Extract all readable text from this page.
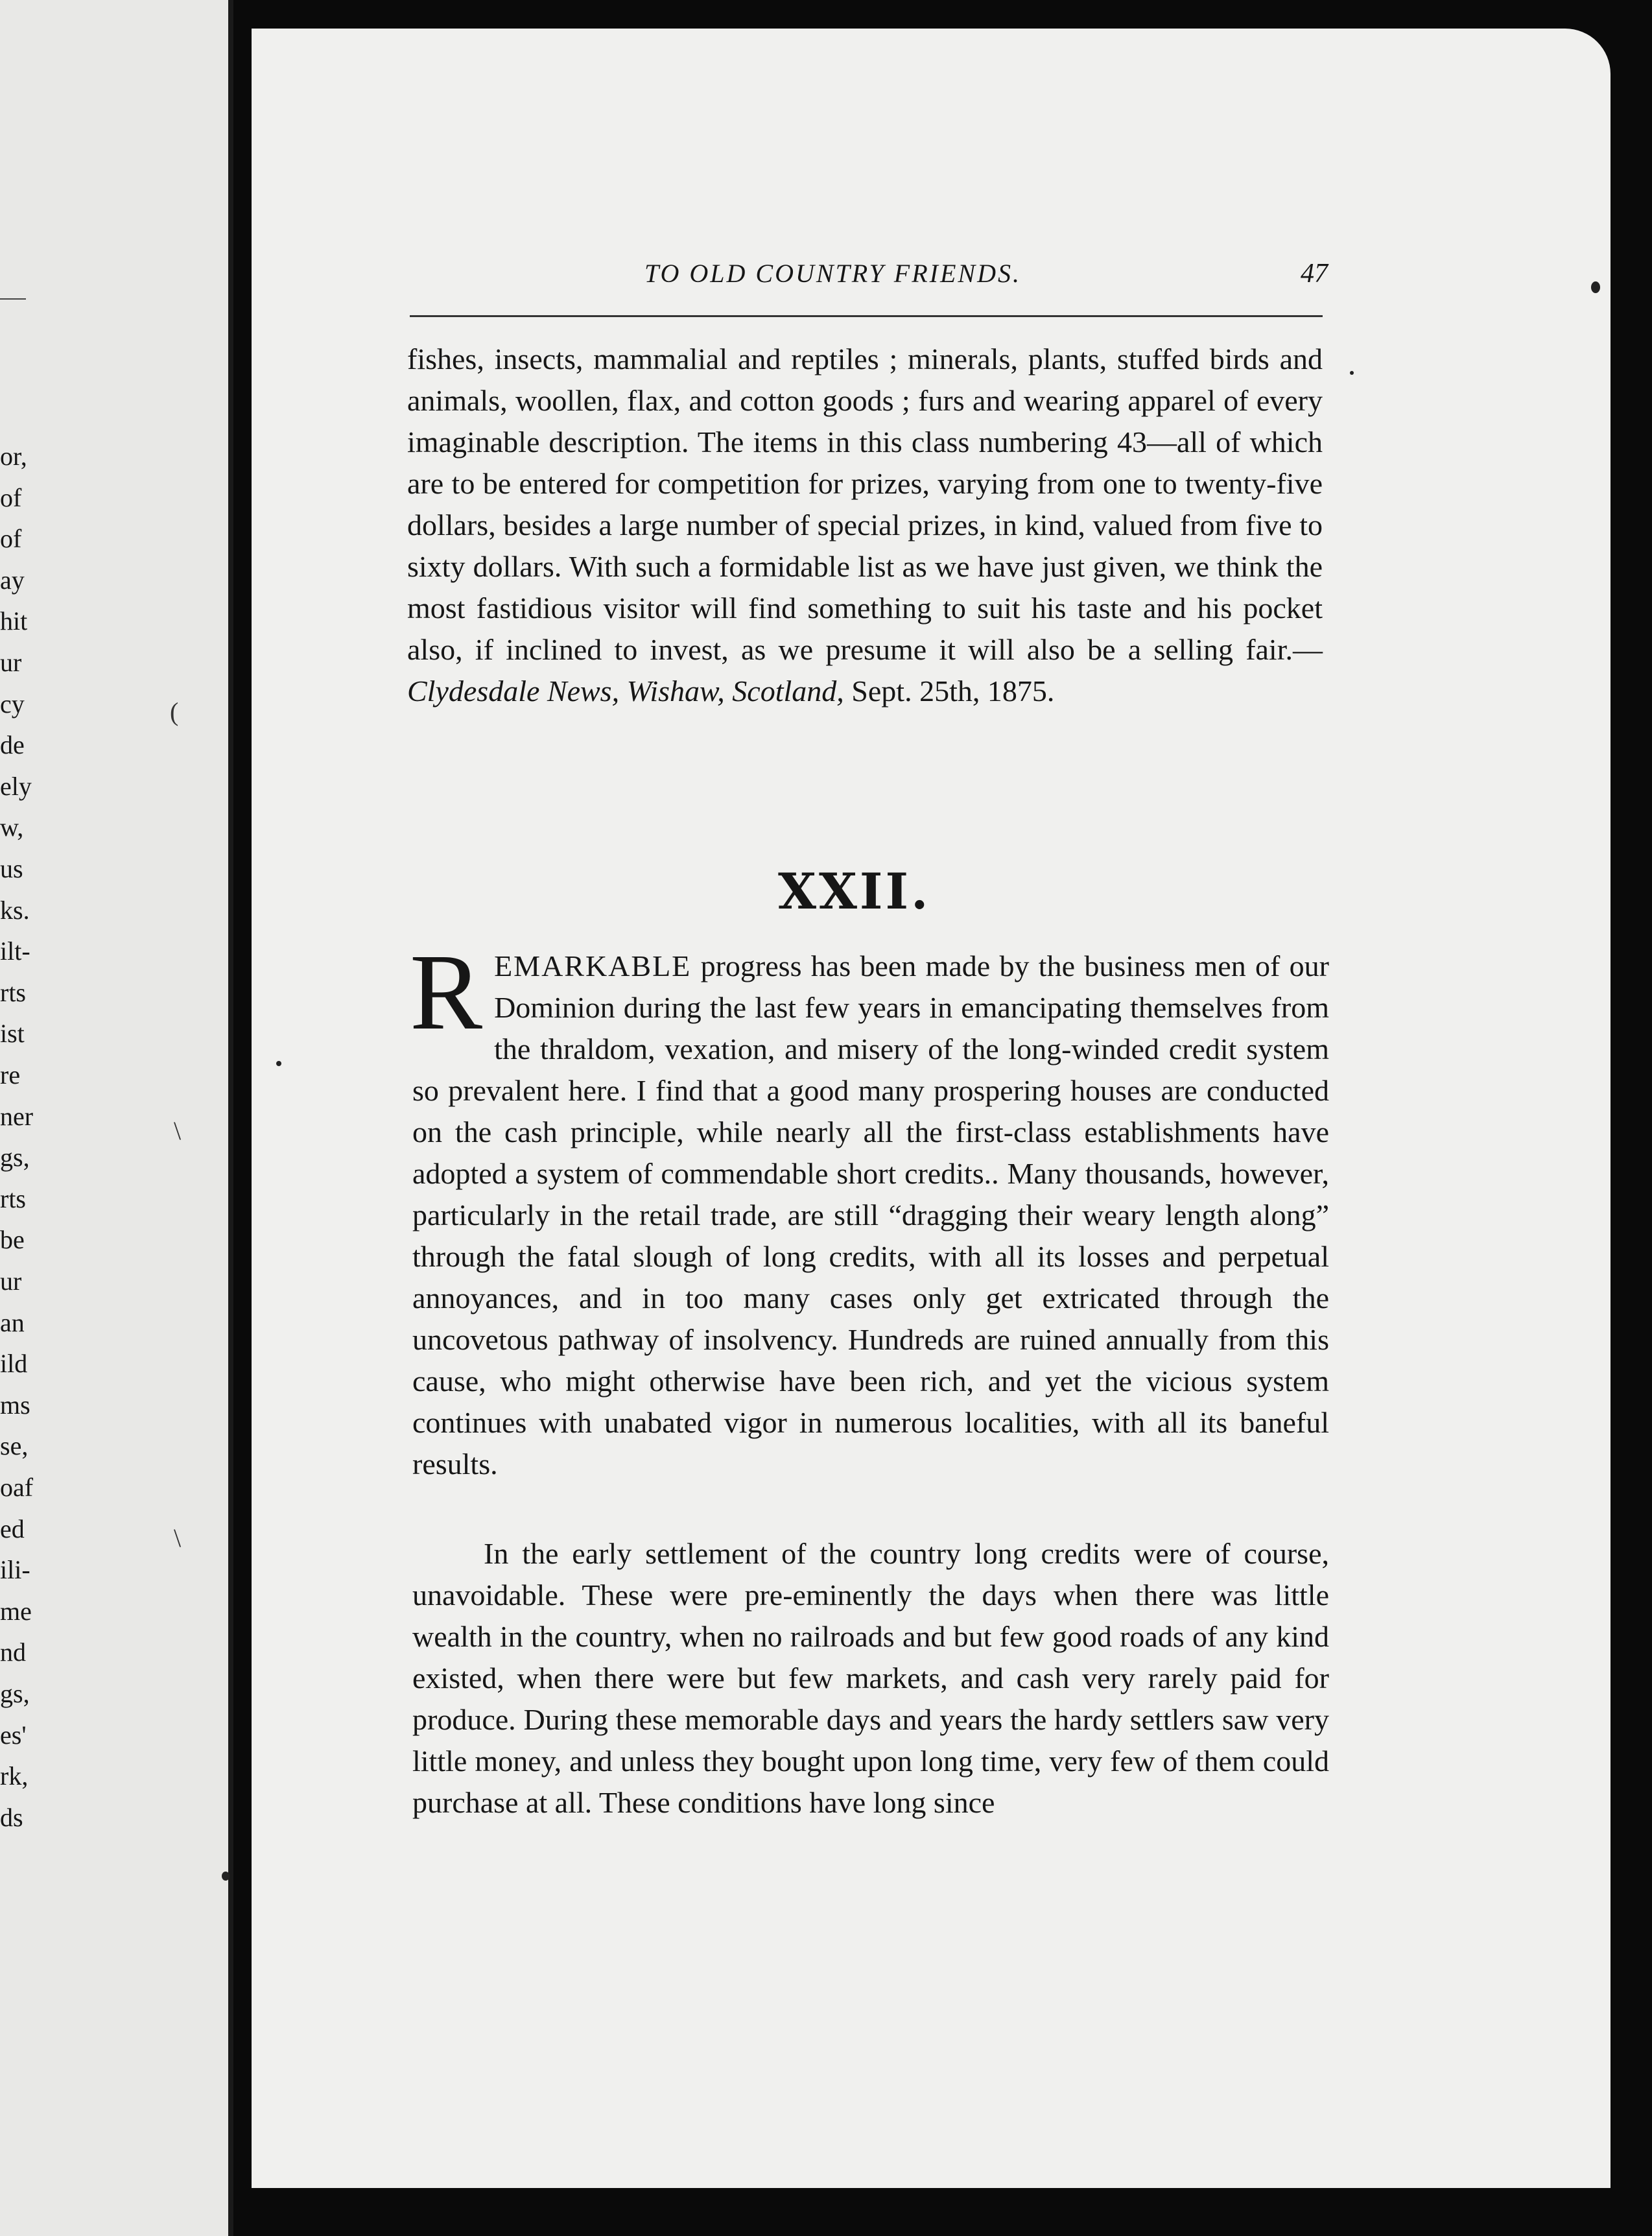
or,
of
of
ay
hit
ur
cy
de
ely
w,
us
ks.
ilt-
rts
ist
re
ner
gs,
rts
be
ur
an
ild
ms
se,
oaf
ed
ili-
me
nd
gs,
es'
rk,
ds
(
\
\
TO OLD COUNTRY FRIENDS.	47

fishes, insects, mammalial and reptiles ; minerals, plants, stuffed birds and animals, woollen, flax, and cotton goods ; furs and wearing apparel of every imaginable description. The items in this class numbering 43—all of which are to be entered for competition for prizes, varying from one to twenty-five dollars, besides a large number of special prizes, in kind, valued from five to sixty dollars. With such a formidable list as we have just given, we think the most fastidious visitor will find something to suit his taste and his pocket also, if inclined to invest, as we presume it will also be a selling fair.—Clydesdale News, Wishaw, Scotland, Sept. 25th, 1875.

XXII.

REMARKABLE progress has been made by the business men of our Dominion during the last few years in emancipating themselves from the thraldom, vexation, and misery of the long-winded credit system so prevalent here. I find that a good many prospering houses are conducted on the cash principle, while nearly all the first-class establishments have adopted a system of commendable short credits.. Many thousands, however, particularly in the retail trade, are still “dragging their weary length along” through the fatal slough of long credits, with all its losses and perpetual annoyances, and in too many cases only get extricated through the uncovetous pathway of insolvency. Hundreds are ruined annually from this cause, who might otherwise have been rich, and yet the vicious system continues with unabated vigor in numerous localities, with all its baneful results.

In the early settlement of the country long credits were of course, unavoidable. These were pre-eminently the days when there was little wealth in the country, when no railroads and but few good roads of any kind existed, when there were but few markets, and cash very rarely paid for produce. During these memorable days and years the hardy settlers saw very little money, and unless they bought upon long time, very few of them could purchase at all. These conditions have long since
